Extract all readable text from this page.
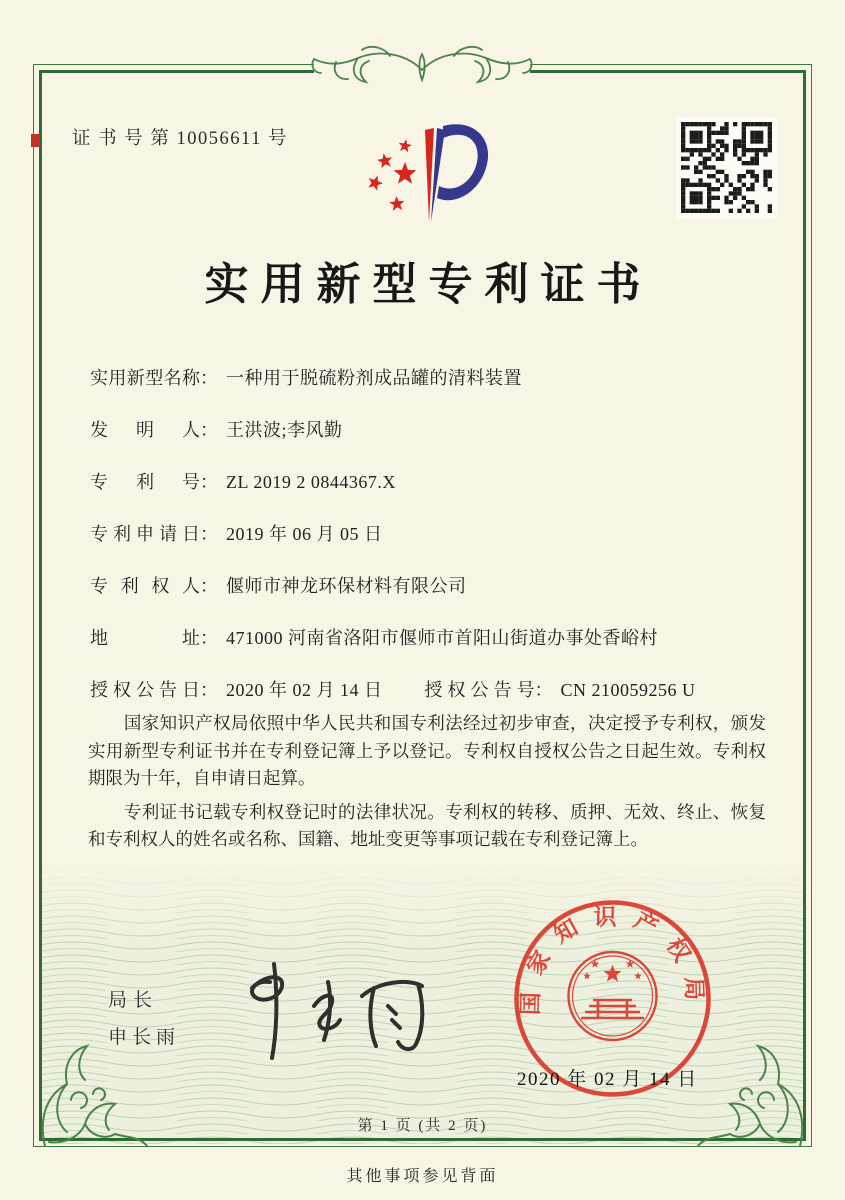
证 书 号 第 10056611 号
实用新型专利证书
实用新型名称 ： 一种用于脱硫粉剂成品罐的清料装置
发 明 人 ： 王洪波;李风勤
专 利 号 ： ZL 2019 2 0844367.X
专利申请日 ： 2019 年 06 月 05 日
专 利 权 人 ： 偃师市神龙环保材料有限公司
地 址 ： 471000 河南省洛阳市偃师市首阳山街道办事处香峪村
授权公告日 ： 2020 年 02 月 14 日 授权公告号 ： CN 210059256 U

国家知识产权局依照中华人民共和国专利法经过初步审查，决定授予专利权，颁发实用新型专利证书并在专利登记簿上予以登记。专利权自授权公告之日起生效。专利权期限为十年，自申请日起算。

专利证书记载专利权登记时的法律状况。专利权的转移、质押、无效、终止、恢复和专利权人的姓名或名称、国籍、地址变更等事项记载在专利登记簿上。

局长
申长雨
国家知识产权局
2020 年 02 月 14 日
第 1 页 (共 2 页)
其他事项参见背面
